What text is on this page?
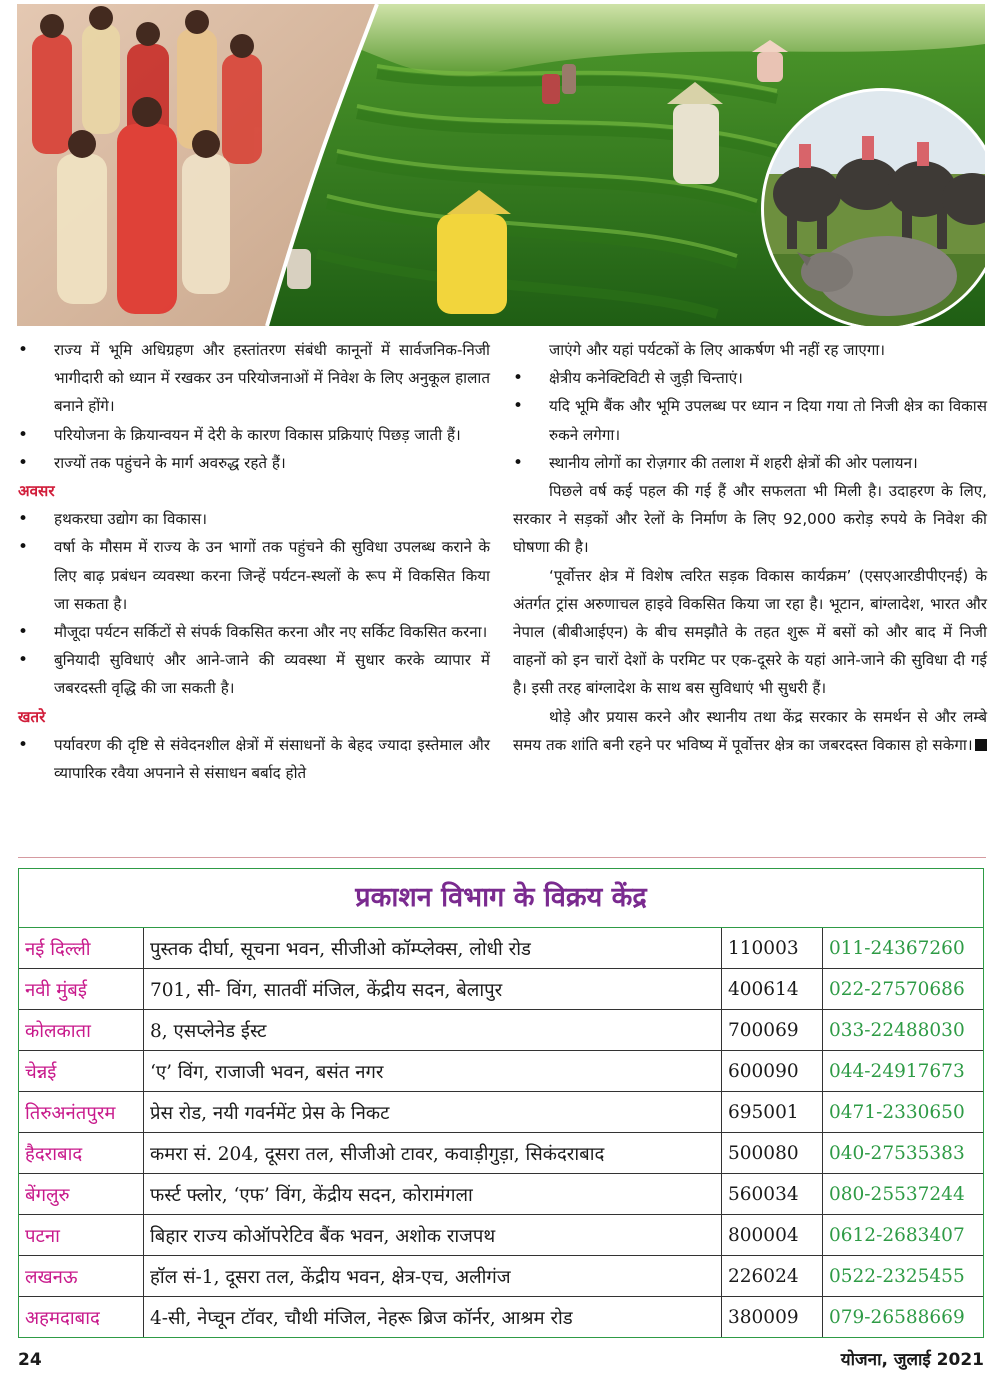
• राज्य में भूमि अधिग्रहण और हस्तांतरण संबंधी कानूनों में सार्वजनिक-निजी भागीदारी को ध्यान में रखकर उन परियोजनाओं में निवेश के लिए अनुकूल हालात बनाने होंगे।
• परियोजना के क्रियान्वयन में देरी के कारण विकास प्रक्रियाएं पिछड़ जाती हैं।
• राज्यों तक पहुंचने के मार्ग अवरुद्ध रहते हैं।
अवसर
• हथकरघा उद्योग का विकास।
• वर्षा के मौसम में राज्य के उन भागों तक पहुंचने की सुविधा उपलब्ध कराने के लिए बाढ़ प्रबंधन व्यवस्था करना जिन्हें पर्यटन-स्थलों के रूप में विकसित किया जा सकता है।
• मौजूदा पर्यटन सर्किटों से संपर्क विकसित करना और नए सर्किट विकसित करना।
• बुनियादी सुविधाएं और आने-जाने की व्यवस्था में सुधार करके व्यापार में जबरदस्ती वृद्धि की जा सकती है।
खतरे
• पर्यावरण की दृष्टि से संवेदनशील क्षेत्रों में संसाधनों के बेहद ज्यादा इस्तेमाल और व्यापारिक रवैया अपनाने से संसाधन बर्बाद होते
जाएंगे और यहां पर्यटकों के लिए आकर्षण भी नहीं रह जाएगा।
• क्षेत्रीय कनेक्टिविटी से जुड़ी चिन्ताएं।
• यदि भूमि बैंक और भूमि उपलब्ध पर ध्यान न दिया गया तो निजी क्षेत्र का विकास रुकने लगेगा।
• स्थानीय लोगों का रोज़गार की तलाश में शहरी क्षेत्रों की ओर पलायन।
पिछले वर्ष कई पहल की गई हैं और सफलता भी मिली है। उदाहरण के लिए, सरकार ने सड़कों और रेलों के निर्माण के लिए 92,000 करोड़ रुपये के निवेश की घोषणा की है।
‘पूर्वोत्तर क्षेत्र में विशेष त्वरित सड़क विकास कार्यक्रम’ (एसएआरडीपीएनई) के अंतर्गत ट्रांस अरुणाचल हाइवे विकसित किया जा रहा है। भूटान, बांग्लादेश, भारत और नेपाल (बीबीआईएन) के बीच समझौते के तहत शुरू में बसों को और बाद में निजी वाहनों को इन चारों देशों के परमिट पर एक-दूसरे के यहां आने-जाने की सुविधा दी गई है। इसी तरह बांग्लादेश के साथ बस सुविधाएं भी सुधरी हैं।
थोड़े और प्रयास करने और स्थानीय तथा केंद्र सरकार के समर्थन से और लम्बे समय तक शांति बनी रहने पर भविष्य में पूर्वोत्तर क्षेत्र का जबरदस्त विकास हो सकेगा।
प्रकाशन विभाग के विक्रय केंद्र
नई दिल्ली	पुस्तक दीर्घा, सूचना भवन, सीजीओ कॉम्प्लेक्स, लोधी रोड	110003	011-24367260
नवी मुंबई	701, सी- विंग, सातवीं मंजिल, केंद्रीय सदन, बेलापुर	400614	022-27570686
कोलकाता	8, एसप्लेनेड ईस्ट	700069	033-22488030
चेन्नई	‘ए’ विंग, राजाजी भवन, बसंत नगर	600090	044-24917673
तिरुअनंतपुरम	प्रेस रोड, नयी गवर्नमेंट प्रेस के निकट	695001	0471-2330650
हैदराबाद	कमरा सं. 204, दूसरा तल, सीजीओ टावर, कवाड़ीगुड़ा, सिकंदराबाद	500080	040-27535383
बेंगलुरु	फर्स्ट फ्लोर, ‘एफ’ विंग, केंद्रीय सदन, कोरामंगला	560034	080-25537244
पटना	बिहार राज्य कोऑपरेटिव बैंक भवन, अशोक राजपथ	800004	0612-2683407
लखनऊ	हॉल सं-1, दूसरा तल, केंद्रीय भवन, क्षेत्र-एच, अलीगंज	226024	0522-2325455
अहमदाबाद	4-सी, नेप्चून टॉवर, चौथी मंजिल, नेहरू ब्रिज कॉर्नर, आश्रम रोड	380009	079-26588669
24	योजना, जुलाई 2021
